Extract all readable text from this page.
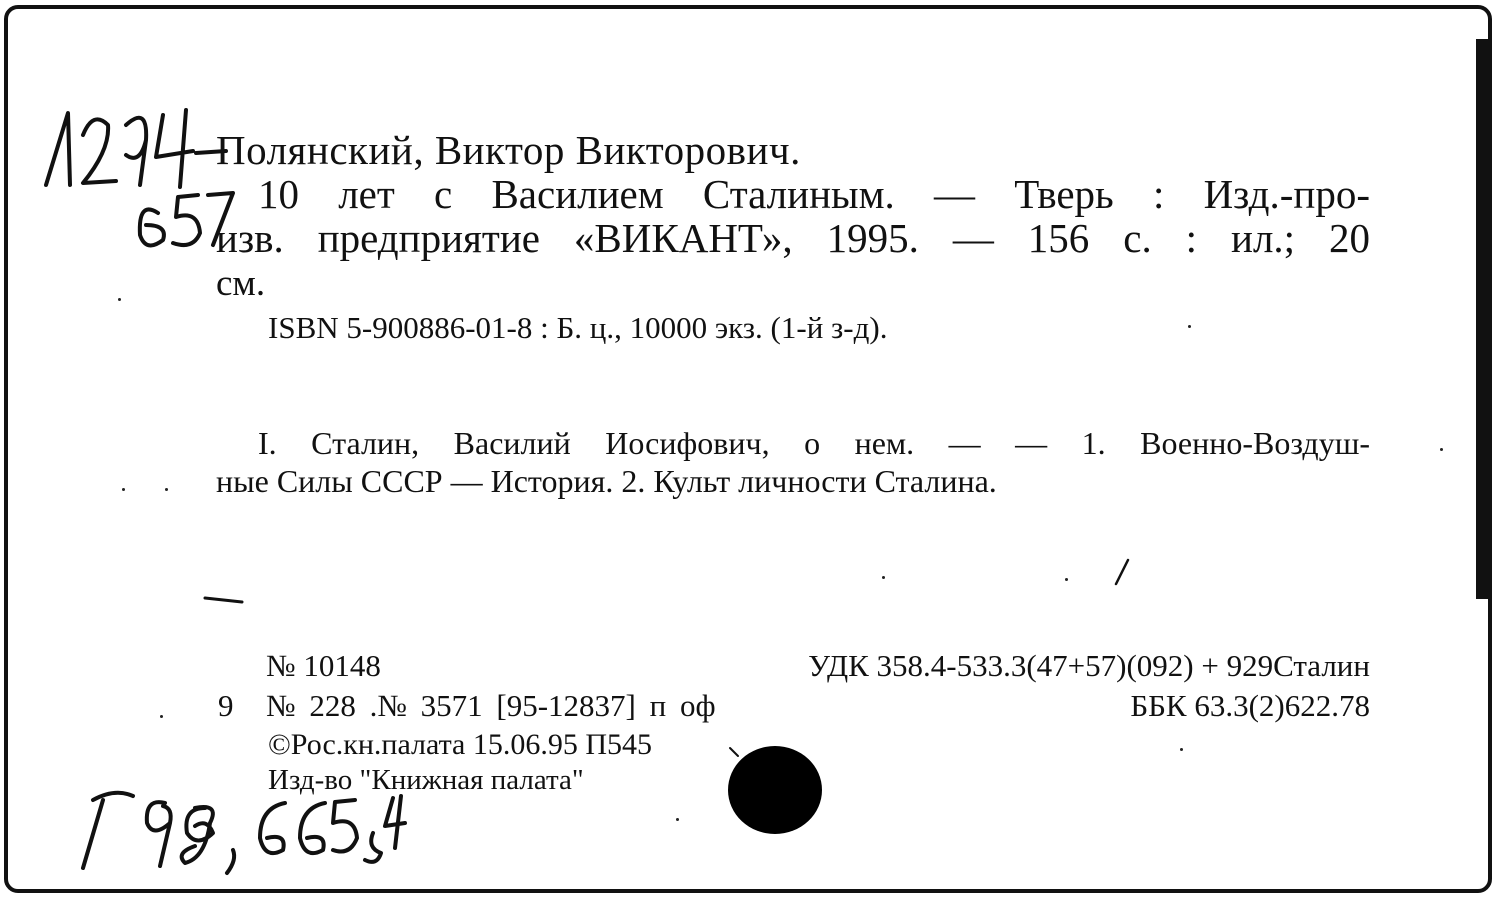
Полянский, Виктор Викторович.
10 лет с Василием Сталиным. — Тверь : Изд.-про-
изв. предприятие «ВИКАНТ», 1995. — 156 с. : ил.; 20
см.
ISBN 5-900886-01-8 : Б. ц., 10000 экз. (1-й з-д).
I. Сталин, Василий Иосифович, о нем. — — 1. Военно-Воздуш-
ные Силы СССР — История. 2. Культ личности Сталина.
№ 10148	УДК 358.4-533.3(47+57)(092) + 929Сталин
9 № 228 .№ 3571 [95-12837] п оф	ББК 63.3(2)622.78
©Рос.кн.палата 15.06.95 П545
Изд-во "Книжная палата"
